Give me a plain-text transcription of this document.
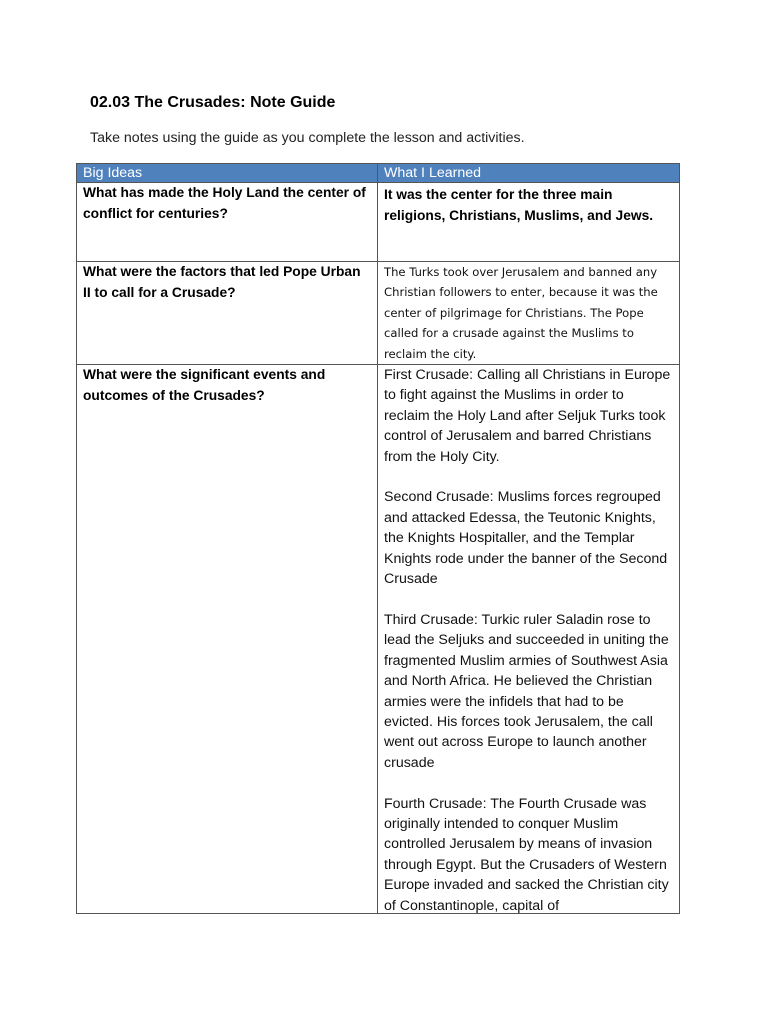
02.03 The Crusades: Note Guide
Take notes using the guide as you complete the lesson and activities.
Big Ideas	What I Learned

What has made the Holy Land the center of conflict for centuries?	It was the center for the three main religions, Christians, Muslims, and Jews.

What were the factors that led Pope Urban II to call for a Crusade?	The Turks took over Jerusalem and banned any Christian followers to enter, because it was the center of pilgrimage for Christians. The Pope called for a crusade against the Muslims to reclaim the city.

What were the significant events and outcomes of the Crusades?	First Crusade: Calling all Christians in Europe to fight against the Muslims in order to reclaim the Holy Land after Seljuk Turks took control of Jerusalem and barred Christians from the Holy City.

Second Crusade: Muslims forces regrouped and attacked Edessa, the Teutonic Knights, the Knights Hospitaller, and the Templar Knights rode under the banner of the Second Crusade

Third Crusade: Turkic ruler Saladin rose to lead the Seljuks and succeeded in uniting the fragmented Muslim armies of Southwest Asia and North Africa. He believed the Christian armies were the infidels that had to be evicted. His forces took Jerusalem, the call went out across Europe to launch another crusade

Fourth Crusade: The Fourth Crusade was originally intended to conquer Muslim controlled Jerusalem by means of invasion through Egypt. But the Crusaders of Western Europe invaded and sacked the Christian city of Constantinople, capital of
